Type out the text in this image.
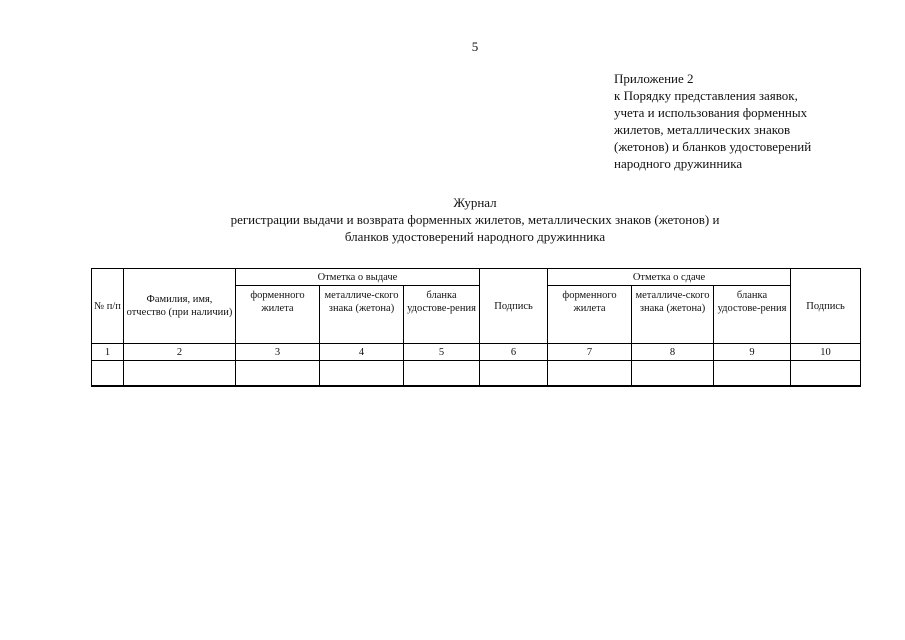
5
Приложение 2
к Порядку представления заявок,
учета и использования форменных
жилетов, металлических знаков
(жетонов) и бланков удостоверений
народного дружинника
Журнал
регистрации выдачи и возврата форменных жилетов, металлических знаков (жетонов) и
бланков удостоверений народного дружинника
№ п/п	Фамилия, имя, отчество (при наличии)	Отметка о выдаче			Подпись	Отметка о сдаче			Подпись
		форменного жилета	металличе-ского знака (жетона)	бланка удостове-рения		форменного жилета	металличе-ского знака (жетона)	бланка удостове-рения	
1	2	3	4	5	6	7	8	9	10
